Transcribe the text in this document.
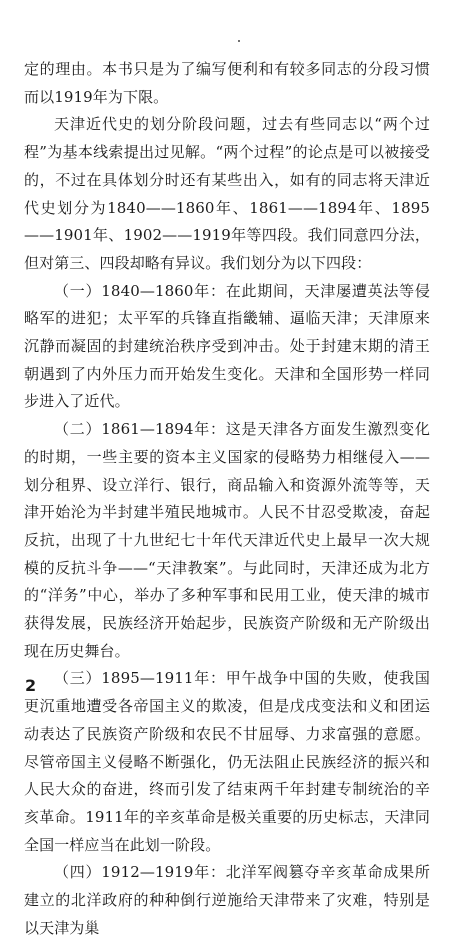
定的理由。本书只是为了编写便利和有较多同志的分段习惯而以1919年为下限。

天津近代史的划分阶段问题，过去有些同志以“两个过程”为基本线索提出过见解。“两个过程”的论点是可以被接受的，不过在具体划分时还有某些出入，如有的同志将天津近代史划分为1840——1860年、1861——1894年、1895——1901年、1902——1919年等四段。我们同意四分法，但对第三、四段却略有异议。我们划分为以下四段：

（一）1840—1860年：在此期间，天津屡遭英法等侵略军的进犯；太平军的兵锋直指畿辅、逼临天津；天津原来沉静而凝固的封建统治秩序受到冲击。处于封建末期的清王朝遇到了内外压力而开始发生变化。天津和全国形势一样同步进入了近代。

（二）1861—1894年：这是天津各方面发生激烈变化的时期，一些主要的资本主义国家的侵略势力相继侵入——划分租界、设立洋行、银行，商品输入和资源外流等等，天津开始沦为半封建半殖民地城市。人民不甘忍受欺凌，奋起反抗，出现了十九世纪七十年代天津近代史上最早一次大规模的反抗斗争——“天津教案”。与此同时，天津还成为北方的“洋务”中心，举办了多种军事和民用工业，使天津的城市获得发展，民族经济开始起步，民族资产阶级和无产阶级出现在历史舞台。

（三）1895—1911年：甲午战争中国的失败，使我国更沉重地遭受各帝国主义的欺凌，但是戊戌变法和义和团运动表达了民族资产阶级和农民不甘屈辱、力求富强的意愿。尽管帝国主义侵略不断强化，仍无法阻止民族经济的振兴和人民大众的奋进，终而引发了结束两千年封建专制统治的辛亥革命。1911年的辛亥革命是极关重要的历史标志，天津同全国一样应当在此划一阶段。

（四）1912—1919年：北洋军阀篡夺辛亥革命成果所建立的北洋政府的种种倒行逆施给天津带来了灾难，特别是以天津为巢

2
